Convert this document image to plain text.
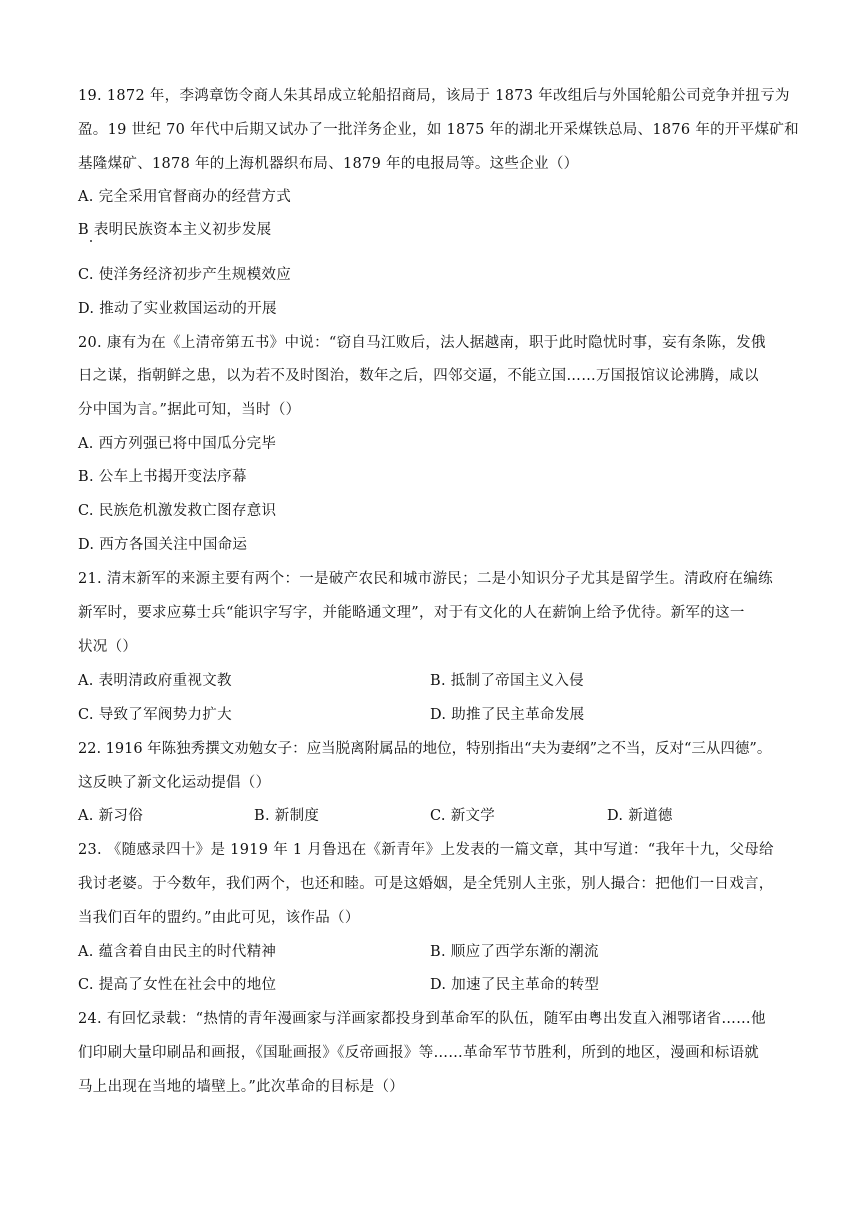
19. 1872 年，李鸿章饬令商人朱其昂成立轮船招商局，该局于 1873 年改组后与外国轮船公司竞争并扭亏为
盈。19 世纪 70 年代中后期又试办了一批洋务企业，如 1875 年的湖北开采煤铁总局、1876 年的开平煤矿和
基隆煤矿、1878 年的上海机器织布局、1879 年的电报局等。这些企业（）
A. 完全采用官督商办的经营方式
B 表明民族资本主义初步发展
C. 使洋务经济初步产生规模效应
D. 推动了实业救国运动的开展
20. 康有为在《上清帝第五书》中说：“窃自马江败后，法人据越南，职于此时隐忧时事，妄有条陈，发俄
日之谋，指朝鲜之患，以为若不及时图治，数年之后，四邻交逼，不能立国……万国报馆议论沸腾，咸以
分中国为言。”据此可知，当时（）
A. 西方列强已将中国瓜分完毕
B. 公车上书揭开变法序幕
C. 民族危机激发救亡图存意识
D. 西方各国关注中国命运
21. 清末新军的来源主要有两个：一是破产农民和城市游民；二是小知识分子尤其是留学生。清政府在编练
新军时，要求应募士兵“能识字写字，并能略通文理”，对于有文化的人在薪饷上给予优待。新军的这一
状况（）
A. 表明清政府重视文教	B. 抵制了帝国主义入侵
C. 导致了军阀势力扩大	D. 助推了民主革命发展
22. 1916 年陈独秀撰文劝勉女子：应当脱离附属品的地位，特别指出“夫为妻纲”之不当，反对“三从四德”。
这反映了新文化运动提倡（）
A. 新习俗	B. 新制度	C. 新文学	D. 新道德
23. 《随感录四十》是 1919 年 1 月鲁迅在《新青年》上发表的一篇文章，其中写道：“我年十九，父母给
我讨老婆。于今数年，我们两个，也还和睦。可是这婚姻，是全凭别人主张，别人撮合：把他们一日戏言，
当我们百年的盟约。”由此可见，该作品（）
A. 蕴含着自由民主的时代精神	B. 顺应了西学东渐的潮流
C. 提高了女性在社会中的地位	D. 加速了民主革命的转型
24. 有回忆录载：“热情的青年漫画家与洋画家都投身到革命军的队伍，随军由粤出发直入湘鄂诸省……他
们印刷大量印刷品和画报，《国耻画报》《反帝画报》等……革命军节节胜利，所到的地区，漫画和标语就
马上出现在当地的墙壁上。”此次革命的目标是（）
